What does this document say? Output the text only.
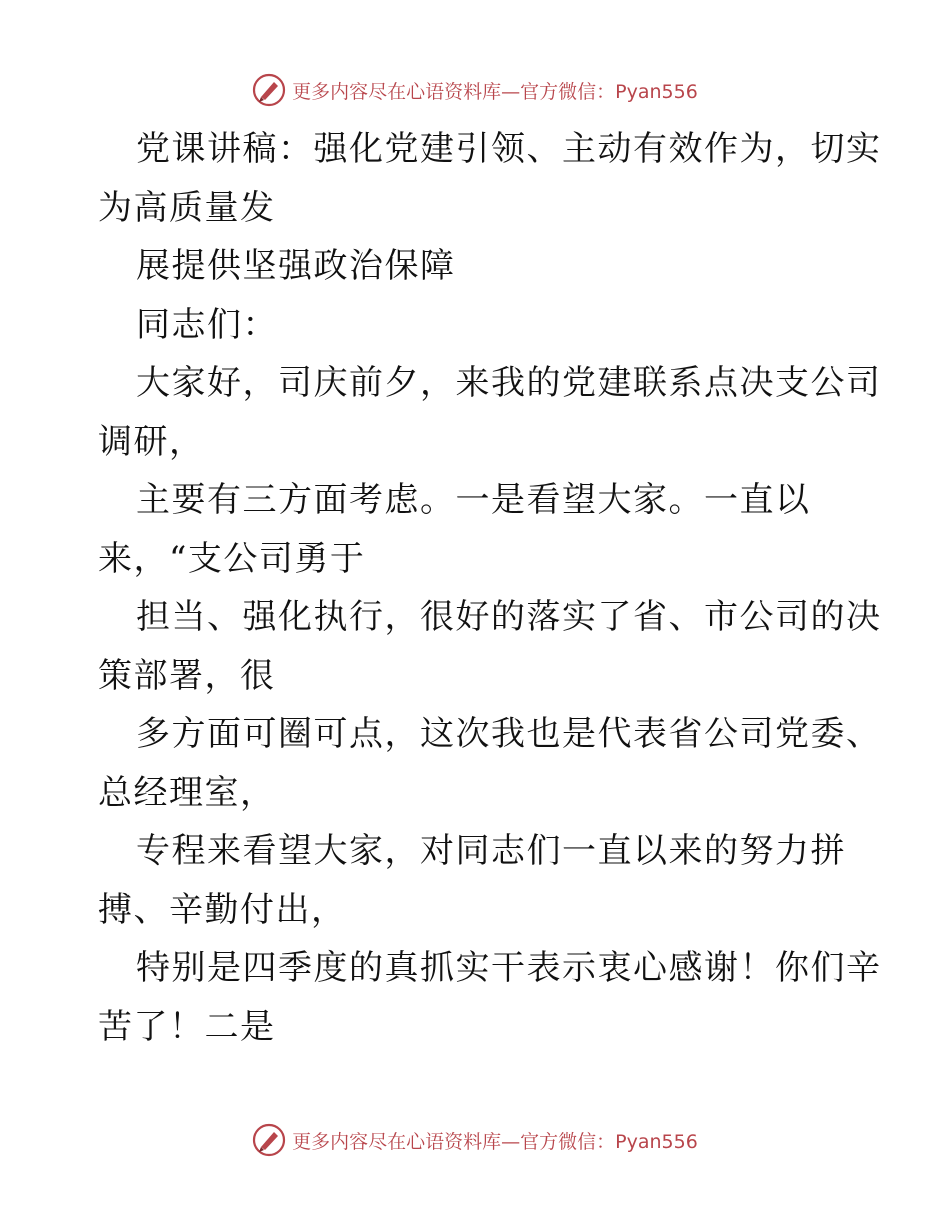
更多内容尽在心语资料库—官方微信：Pyan556
党课讲稿：强化党建引领、主动有效作为，切实
为高质量发
展提供坚强政治保障
同志们：
大家好，司庆前夕，来我的党建联系点决支公司
调研，
主要有三方面考虑。一是看望大家。一直以
来，“支公司勇于
担当、强化执行，很好的落实了省、市公司的决
策部署，很
多方面可圈可点，这次我也是代表省公司党委、
总经理室，
专程来看望大家，对同志们一直以来的努力拼
搏、辛勤付出，
特别是四季度的真抓实干表示衷心感谢！你们辛
苦了！二是
更多内容尽在心语资料库—官方微信：Pyan556
